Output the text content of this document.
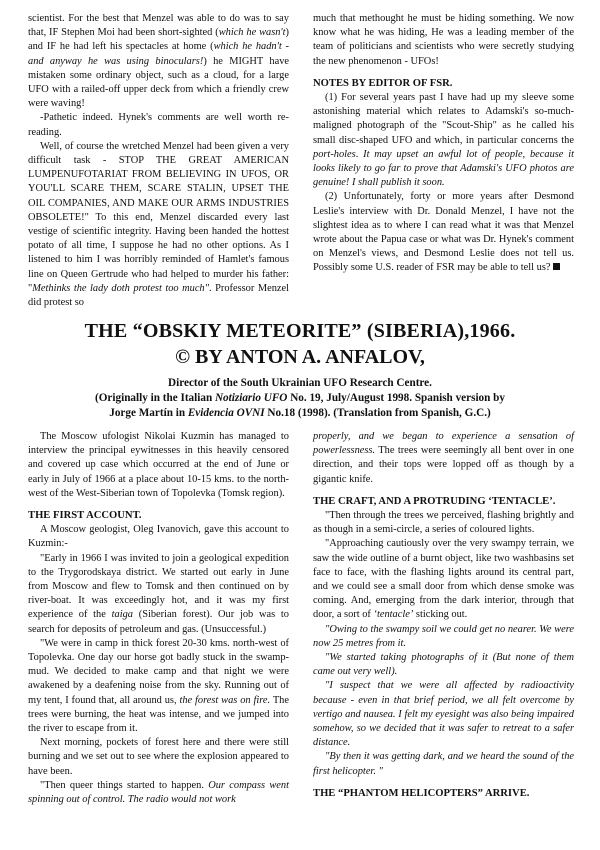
scientist. For the best that Menzel was able to do was to say that, IF Stephen Moi had been short-sighted (which he wasn't) and IF he had left his spectacles at home (which he hadn't - and anyway he was using binoculars!) he MIGHT have mistaken some ordinary object, such as a cloud, for a large UFO with a railed-off upper deck from which a friendly crew were waving!

-Pathetic indeed. Hynek's comments are well worth re-reading.

Well, of course the wretched Menzel had been given a very difficult task - STOP THE GREAT AMERICAN LUMPENUFOTARIAT FROM BELIEVING IN UFOS, OR YOU'LL SCARE THEM, SCARE STALIN, UPSET THE OIL COMPANIES, AND MAKE OUR ARMS INDUSTRIES OBSOLETE!" To this end, Menzel discarded every last vestige of scientific integrity. Having been handed the hottest potato of all time, I suppose he had no other options. As I listened to him I was horribly reminded of Hamlet's famous line on Queen Gertrude who had helped to murder his father: "Methinks the lady doth protest too much". Professor Menzel did protest so

much that methought he must be hiding something. We now know what he was hiding, He was a leading member of the team of politicians and scientists who were secretly studying the new phenomenon - UFOs!

NOTES BY EDITOR OF FSR.

(1) For several years past I have had up my sleeve some astonishing material which relates to Adamski's so-much-maligned photograph of the "Scout-Ship" as he called his small disc-shaped UFO and which, in particular concerns the port-holes. It may upset an awful lot of people, because it looks likely to go far to prove that Adamski's UFO photos are genuine! I shall publish it soon.

(2) Unfortunately, forty or more years after Desmond Leslie's interview with Dr. Donald Menzel, I have not the slightest idea as to where I can read what it was that Menzel wrote about the Papua case or what was Dr. Hynek's comment on Menzel's views, and Desmond Leslie does not tell us. Possibly some U.S. reader of FSR may be able to tell us?

THE “OBSKIY METEORITE” (SIBERIA),1966.

© BY ANTON A. ANFALOV,

Director of the South Ukrainian UFO Research Centre.

(Originally in the Italian Notiziario UFO No. 19, July/August 1998. Spanish version by

Jorge Martín in Evidencia OVNI No.18 (1998). (Translation from Spanish, G.C.)

The Moscow ufologist Nikolai Kuzmin has managed to interview the principal eywitnesses in this heavily censored and covered up case which occurred at the end of June or early in July of 1966 at a place about 10-15 kms. to the north-west of the West-Siberian town of Topolevka (Tomsk region).

THE FIRST ACCOUNT.

A Moscow geologist, Oleg Ivanovich, gave this account to Kuzmin:-

"Early in 1966 I was invited to join a geological expedition to the Trygorodskaya district. We started out early in June from Moscow and flew to Tomsk and then continued on by river-boat. It was exceedingly hot, and it was my first experience of the taiga (Siberian forest). Our job was to search for deposits of petroleum and gas. (Unsuccessful.)

"We were in camp in thick forest 20-30 kms. north-west of Topolevka. One day our horse got badly stuck in the swamp-mud. We decided to make camp and that night we were awakened by a deafening noise from the sky. Running out of my tent, I found that, all around us, the forest was on fire. The trees were burning, the heat was intense, and we jumped into the river to escape from it.

Next morning, pockets of forest here and there were still burning and we set out to see where the explosion appeared to have been.

"Then queer things started to happen. Our compass went spinning out of control. The radio would not work

properly, and we began to experience a sensation of powerlessness. The trees were seemingly all bent over in one direction, and their tops were lopped off as though by a gigantic knife.

THE CRAFT, AND A PROTRUDING ‘TENTACLE’.

"Then through the trees we perceived, flashing brightly and as though in a semi-circle, a series of coloured lights.

"Approaching cautiously over the very swampy terrain, we saw the wide outline of a burnt object, like two washbasins set face to face, with the flashing lights around its central part, and we could see a small door from which dense smoke was coming. And, emerging from the dark interior, through that door, a sort of ‘tentacle’ sticking out.

"Owing to the swampy soil we could get no nearer. We were now 25 metres from it.

"We started taking photographs of it (But none of them came out very well).

"I suspect that we were all affected by radioactivity because - even in that brief period, we all felt overcome by vertigo and nausea. I felt my eyesight was also being impaired somehow, so we decided that it was safer to retreat to a safer distance.

"By then it was getting dark, and we heard the sound of the first helicopter. "

THE “PHANTOM HELICOPTERS” ARRIVE.
